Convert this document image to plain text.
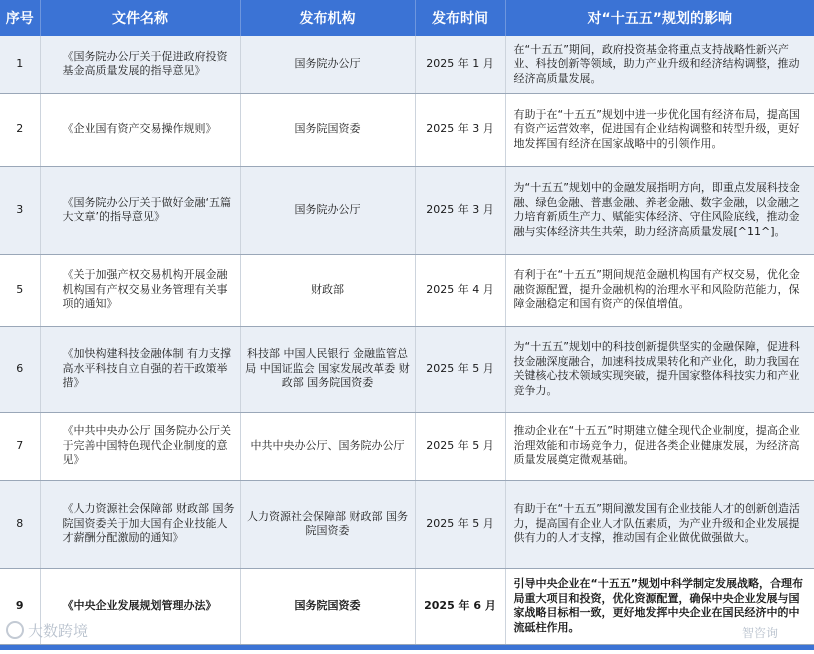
序号	文件名称	发布机构	发布时间	对“十五五”规划的影响
1	《国务院办公厅关于促进政府投资基金高质量发展的指导意见》	国务院办公厅	2025 年 1 月	在“十五五”期间，政府投资基金将重点支持战略性新兴产业、科技创新等领域，助力产业升级和经济结构调整，推动经济高质量发展。
2	《企业国有资产交易操作规则》	国务院国资委	2025 年 3 月	有助于在“十五五”规划中进一步优化国有经济布局，提高国有资产运营效率，促进国有企业结构调整和转型升级，更好地发挥国有经济在国家战略中的引领作用。
3	《国务院办公厅关于做好金融‘五篇大文章’的指导意见》	国务院办公厅	2025 年 3 月	为“十五五”规划中的金融发展指明方向，即重点发展科技金融、绿色金融、普惠金融、养老金融、数字金融，以金融之力培育新质生产力、赋能实体经济、守住风险底线，推动金融与实体经济共生共荣，助力经济高质量发展[^11^]。
5	《关于加强产权交易机构开展金融机构国有产权交易业务管理有关事项的通知》	财政部	2025 年 4 月	有利于在“十五五”期间规范金融机构国有产权交易，优化金融资源配置，提升金融机构的治理水平和风险防范能力，保障金融稳定和国有资产的保值增值。
6	《加快构建科技金融体制 有力支撑高水平科技自立自强的若干政策举措》	科技部 中国人民银行 金融监管总局 中国证监会 国家发展改革委 财政部 国务院国资委	2025 年 5 月	为“十五五”规划中的科技创新提供坚实的金融保障，促进科技金融深度融合，加速科技成果转化和产业化，助力我国在关键核心技术领域实现突破，提升国家整体科技实力和产业竞争力。
7	《中共中央办公厅 国务院办公厅关于完善中国特色现代企业制度的意见》	中共中央办公厅、国务院办公厅	2025 年 5 月	推动企业在“十五五”时期建立健全现代企业制度，提高企业治理效能和市场竞争力，促进各类企业健康发展，为经济高质量发展奠定微观基础。
8	《人力资源社会保障部 财政部 国务院国资委关于加大国有企业技能人才薪酬分配激励的通知》	人力资源社会保障部 财政部 国务院国资委	2025 年 5 月	有助于在“十五五”期间激发国有企业技能人才的创新创造活力，提高国有企业人才队伍素质，为产业升级和企业发展提供有力的人才支撑，推动国有企业做优做强做大。
9	《中央企业发展规划管理办法》	国务院国资委	2025 年 6 月	引导中央企业在“十五五”规划中科学制定发展战略，合理布局重大项目和投资，优化资源配置，确保中央企业发展与国家战略目标相一致，更好地发挥中央企业在国民经济中的中流砥柱作用。
大数跨境	智咨询
